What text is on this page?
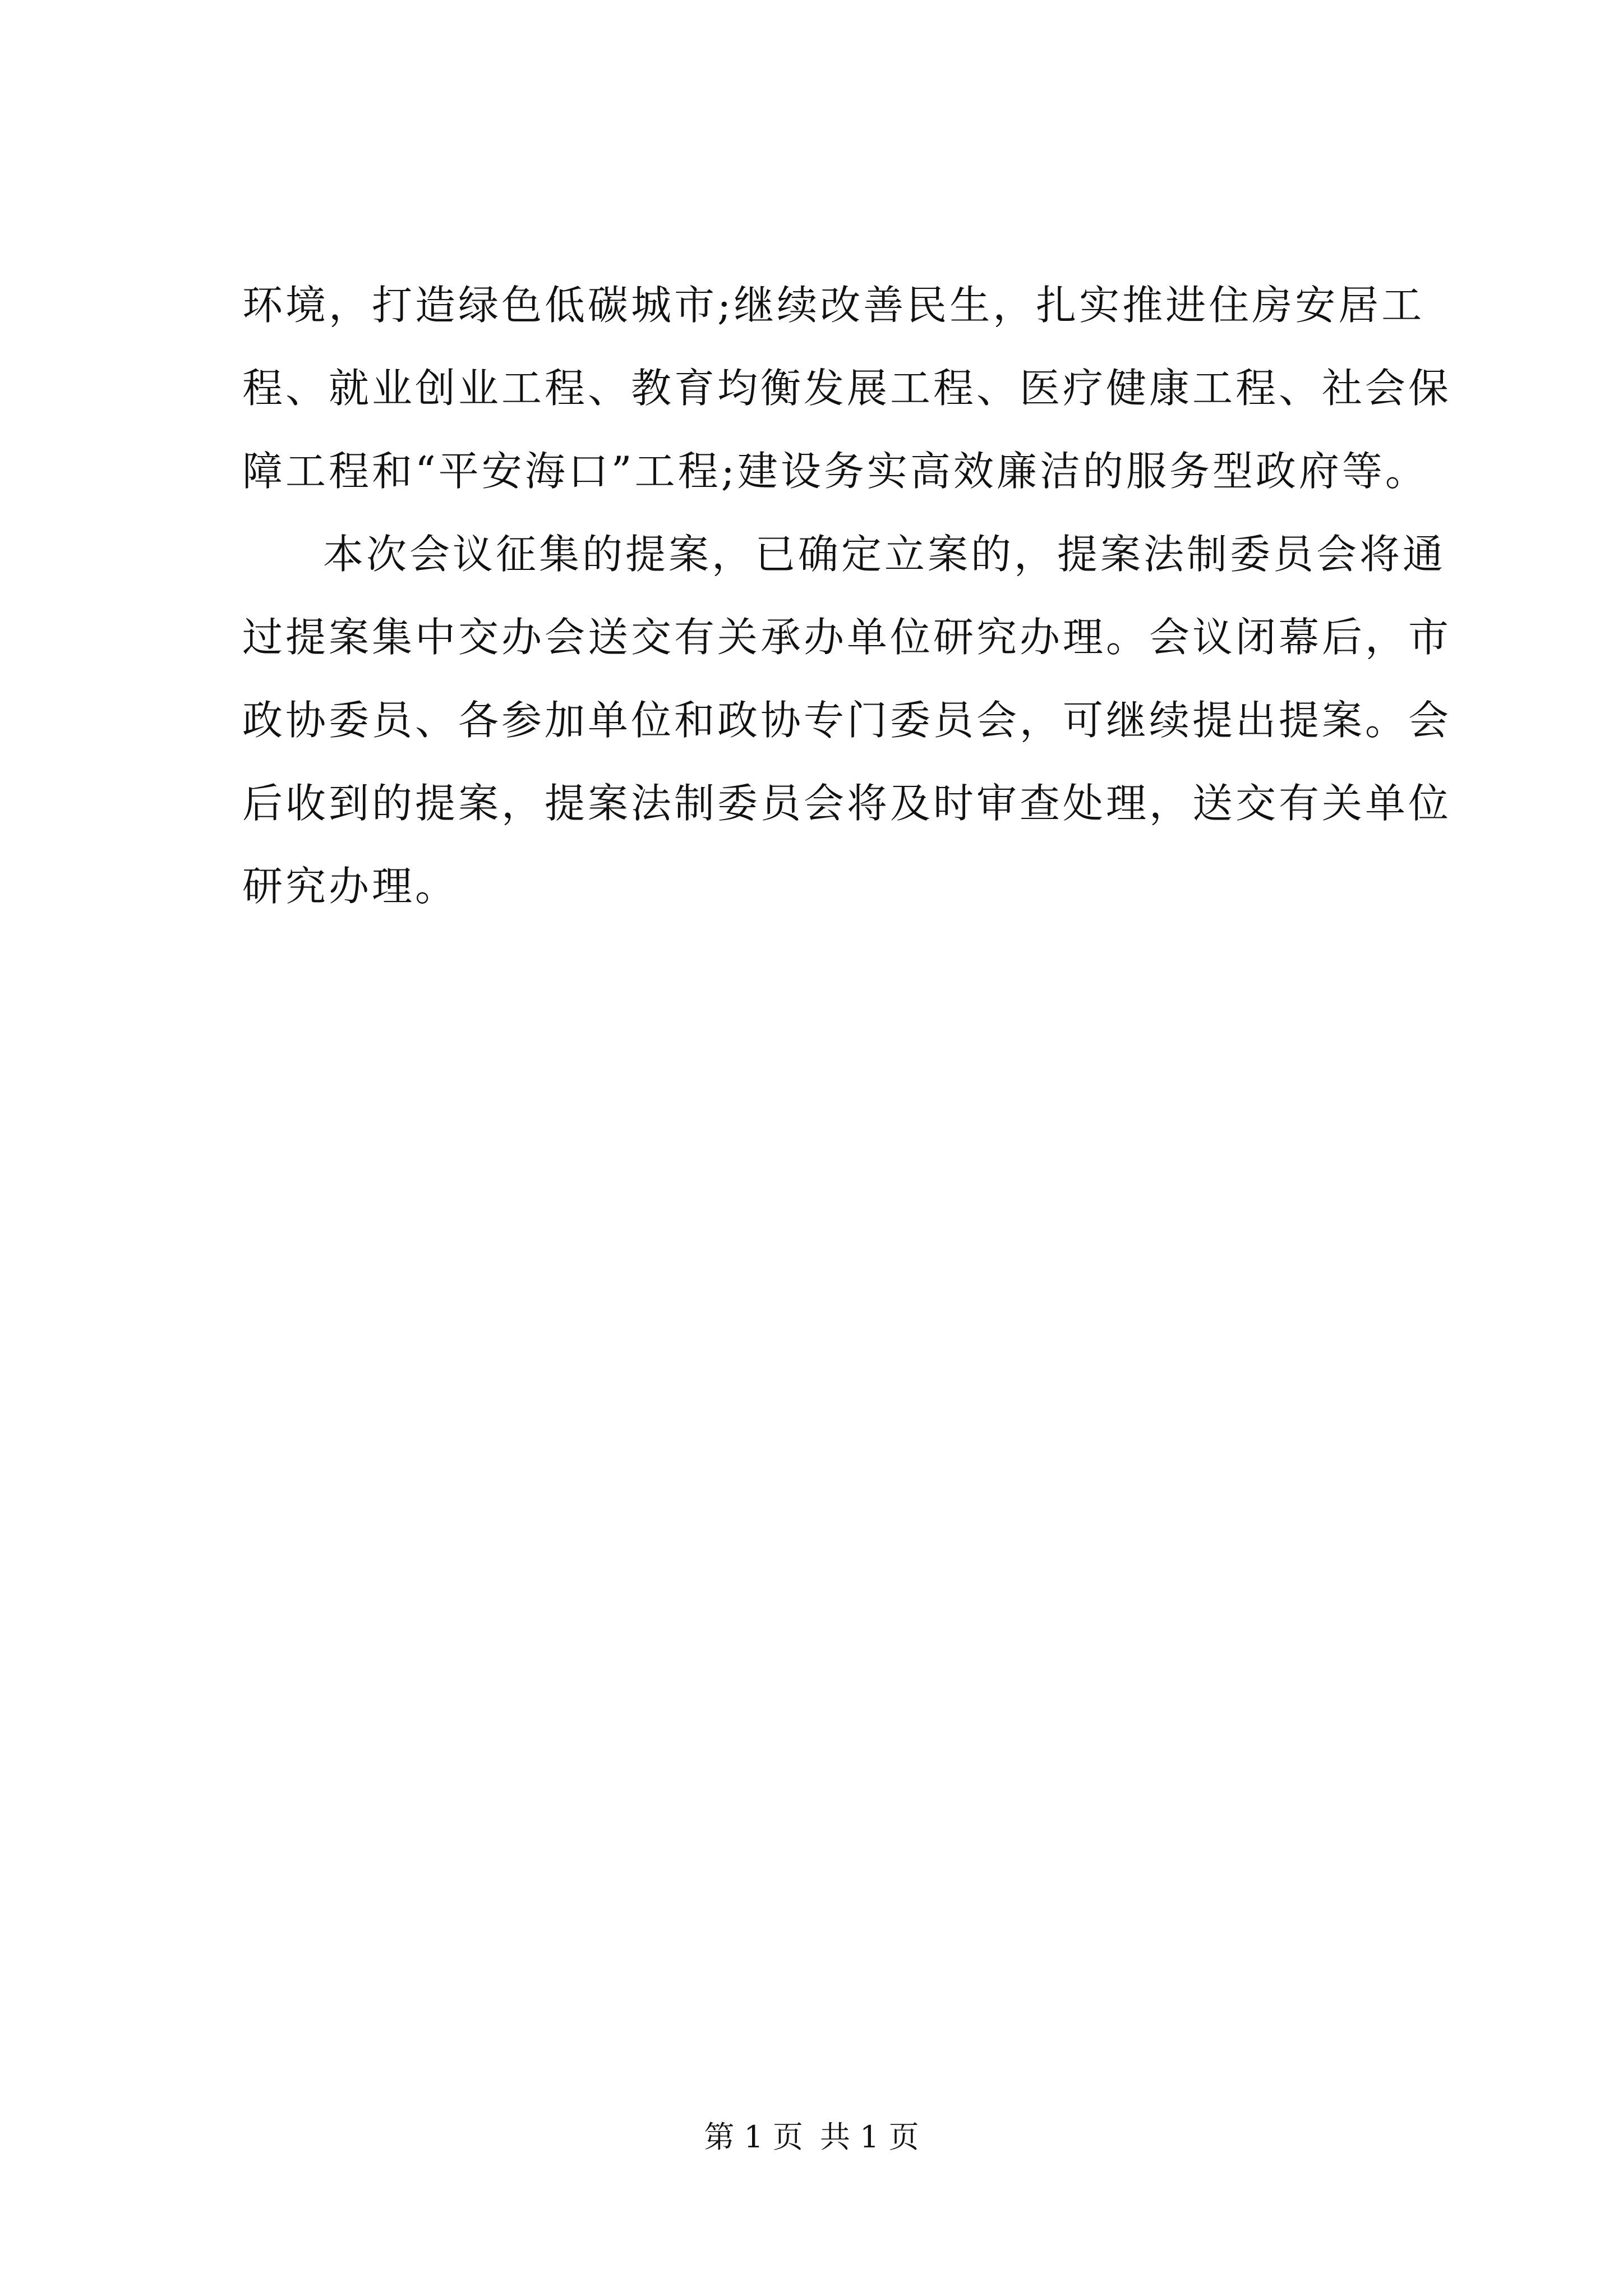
环境，打造绿色低碳城市;继续改善民生，扎实推进住房安居工
程、就业创业工程、教育均衡发展工程、医疗健康工程、社会保
障工程和“平安海口”工程;建设务实高效廉洁的服务型政府等。
本次会议征集的提案，已确定立案的，提案法制委员会将通
过提案集中交办会送交有关承办单位研究办理。会议闭幕后，市
政协委员、各参加单位和政协专门委员会，可继续提出提案。会
后收到的提案，提案法制委员会将及时审查处理，送交有关单位
研究办理。
第 1 页 共 1 页
